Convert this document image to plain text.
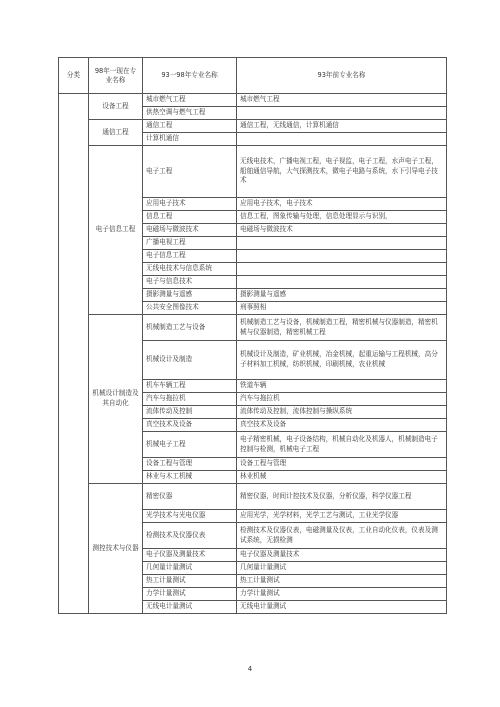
分类	98年一现在专业名称	93一98年专业名称	93年前专业名称
	设备工程	城市燃气工程	城市燃气工程
		供热空调与燃气工程	
	通信工程	通信工程	通信工程，无线通信，计算机通信
		计算机通信	
	电子信息工程	电子工程	无线电技术，广播电视工程，电子视监，电子工程，水声电子工程，船舶通信导航，大气探测技术，微电子电路与系统，水下引导电子技术
		应用电子技术	应用电子技术，电子技术
		信息工程	信息工程，图象传输与处理，信息处理显示与识别，
		电磁场与微波技术	电磁场与微波技术
		广播电视工程	
		电子信息工程	
		无线电技术与信息系统	
		电子与信息技术	
		摄影测量与遥感	摄影测量与遥感
		公共安全图像技术	刑事照相
	机械设计制造及其自动化	机械制造工艺与设备	机械制造工艺与设备，机械制造工程，精密机械与仪器制造，精密机械与仪器制造，精密机械工程
		机械设计及制造	机械设计及制造，矿业机械，冶金机械，起重运输与工程机械，高分子材料加工机械，纺织机械，印刷机械，农业机械
		机车车辆工程	铁道车辆
		汽车与拖拉机	汽车与拖拉机
		流体传动及控制	流体传动及控制，流体控制与操纵系统
		真空技术及设备	真空技术及设备
		机械电子工程	电子精密机械，电子设备结构，机械自动化及机器人，机械制造电子控制与检测，机械电子工程
		设备工程与管理	设备工程与管理
		林业与木工机械	林业机械
	测控技术与仪器	精密仪器	精密仪器，时间计控技术及仪器，分析仪器，科学仪器工程
		光学技术与光电仪器	应用光学，光学材料，光学工艺与测试，工业光学仪器
		检测技术及仪器仪表	检测技术及仪器仪表，电磁测量及仪表，工业自动化仪表，仪表及测试系统，无损检测
		电子仪器及测量技术	电子仪器及测量技术
		几何量计量测试	几何量计量测试
		热工计量测试	热工计量测试
		力学计量测试	力学计量测试
		无线电计量测试	无线电计量测试
4
